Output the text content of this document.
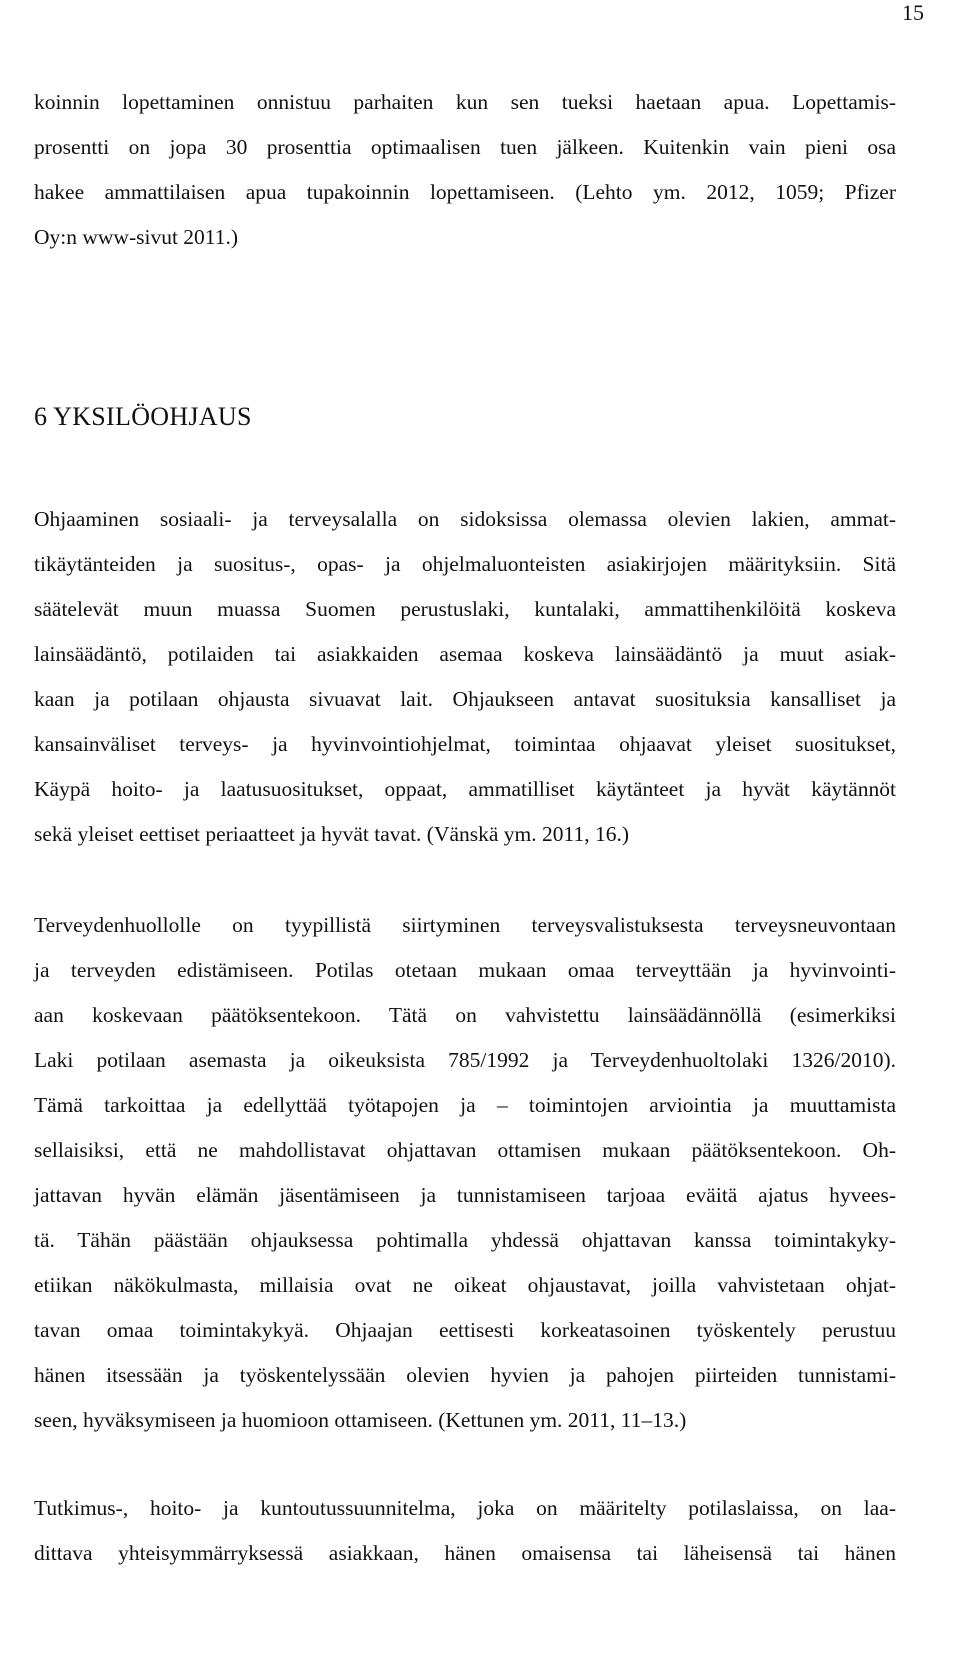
15

koinnin lopettaminen onnistuu parhaiten kun sen tueksi haetaan apua. Lopettamis-
prosentti on jopa 30 prosenttia optimaalisen tuen jälkeen. Kuitenkin vain pieni osa
hakee ammattilaisen apua tupakoinnin lopettamiseen. (Lehto ym. 2012, 1059; Pfizer
Oy:n www-sivut 2011.)

6 YKSILÖOHJAUS

Ohjaaminen sosiaali- ja terveysalalla on sidoksissa olemassa olevien lakien, ammat-
tikäytänteiden ja suositus-, opas- ja ohjelmaluonteisten asiakirjojen määrityksiin. Sitä
säätelevät muun muassa Suomen perustuslaki, kuntalaki, ammattihenkilöitä koskeva
lainsäädäntö, potilaiden tai asiakkaiden asemaa koskeva lainsäädäntö ja muut asiak-
kaan ja potilaan ohjausta sivuavat lait. Ohjaukseen antavat suosituksia kansalliset ja
kansainväliset terveys- ja hyvinvointiohjelmat, toimintaa ohjaavat yleiset suositukset,
Käypä hoito- ja laatusuositukset, oppaat, ammatilliset käytänteet ja hyvät käytännöt
sekä yleiset eettiset periaatteet ja hyvät tavat. (Vänskä ym. 2011, 16.)

Terveydenhuollolle on tyypillistä siirtyminen terveysvalistuksesta terveysneuvontaan
ja terveyden edistämiseen. Potilas otetaan mukaan omaa terveyttään ja hyvinvointi-
aan koskevaan päätöksentekoon. Tätä on vahvistettu lainsäädännöllä (esimerkiksi
Laki potilaan asemasta ja oikeuksista 785/1992 ja Terveydenhuoltolaki 1326/2010).
Tämä tarkoittaa ja edellyttää työtapojen ja – toimintojen arviointia ja muuttamista
sellaisiksi, että ne mahdollistavat ohjattavan ottamisen mukaan päätöksentekoon. Oh-
jattavan hyvän elämän jäsentämiseen ja tunnistamiseen tarjoaa eväitä ajatus hyvees-
tä. Tähän päästään ohjauksessa pohtimalla yhdessä ohjattavan kanssa toimintakyky-
etiikan näkökulmasta, millaisia ovat ne oikeat ohjaustavat, joilla vahvistetaan ohjat-
tavan omaa toimintakykyä. Ohjaajan eettisesti korkeatasoinen työskentely perustuu
hänen itsessään ja työskentelyssään olevien hyvien ja pahojen piirteiden tunnistami-
seen, hyväksymiseen ja huomioon ottamiseen. (Kettunen ym. 2011, 11–13.)

Tutkimus-, hoito- ja kuntoutussuunnitelma, joka on määritelty potilaslaissa, on laa-
dittava yhteisymmärryksessä asiakkaan, hänen omaisensa tai läheisensä tai hänen
